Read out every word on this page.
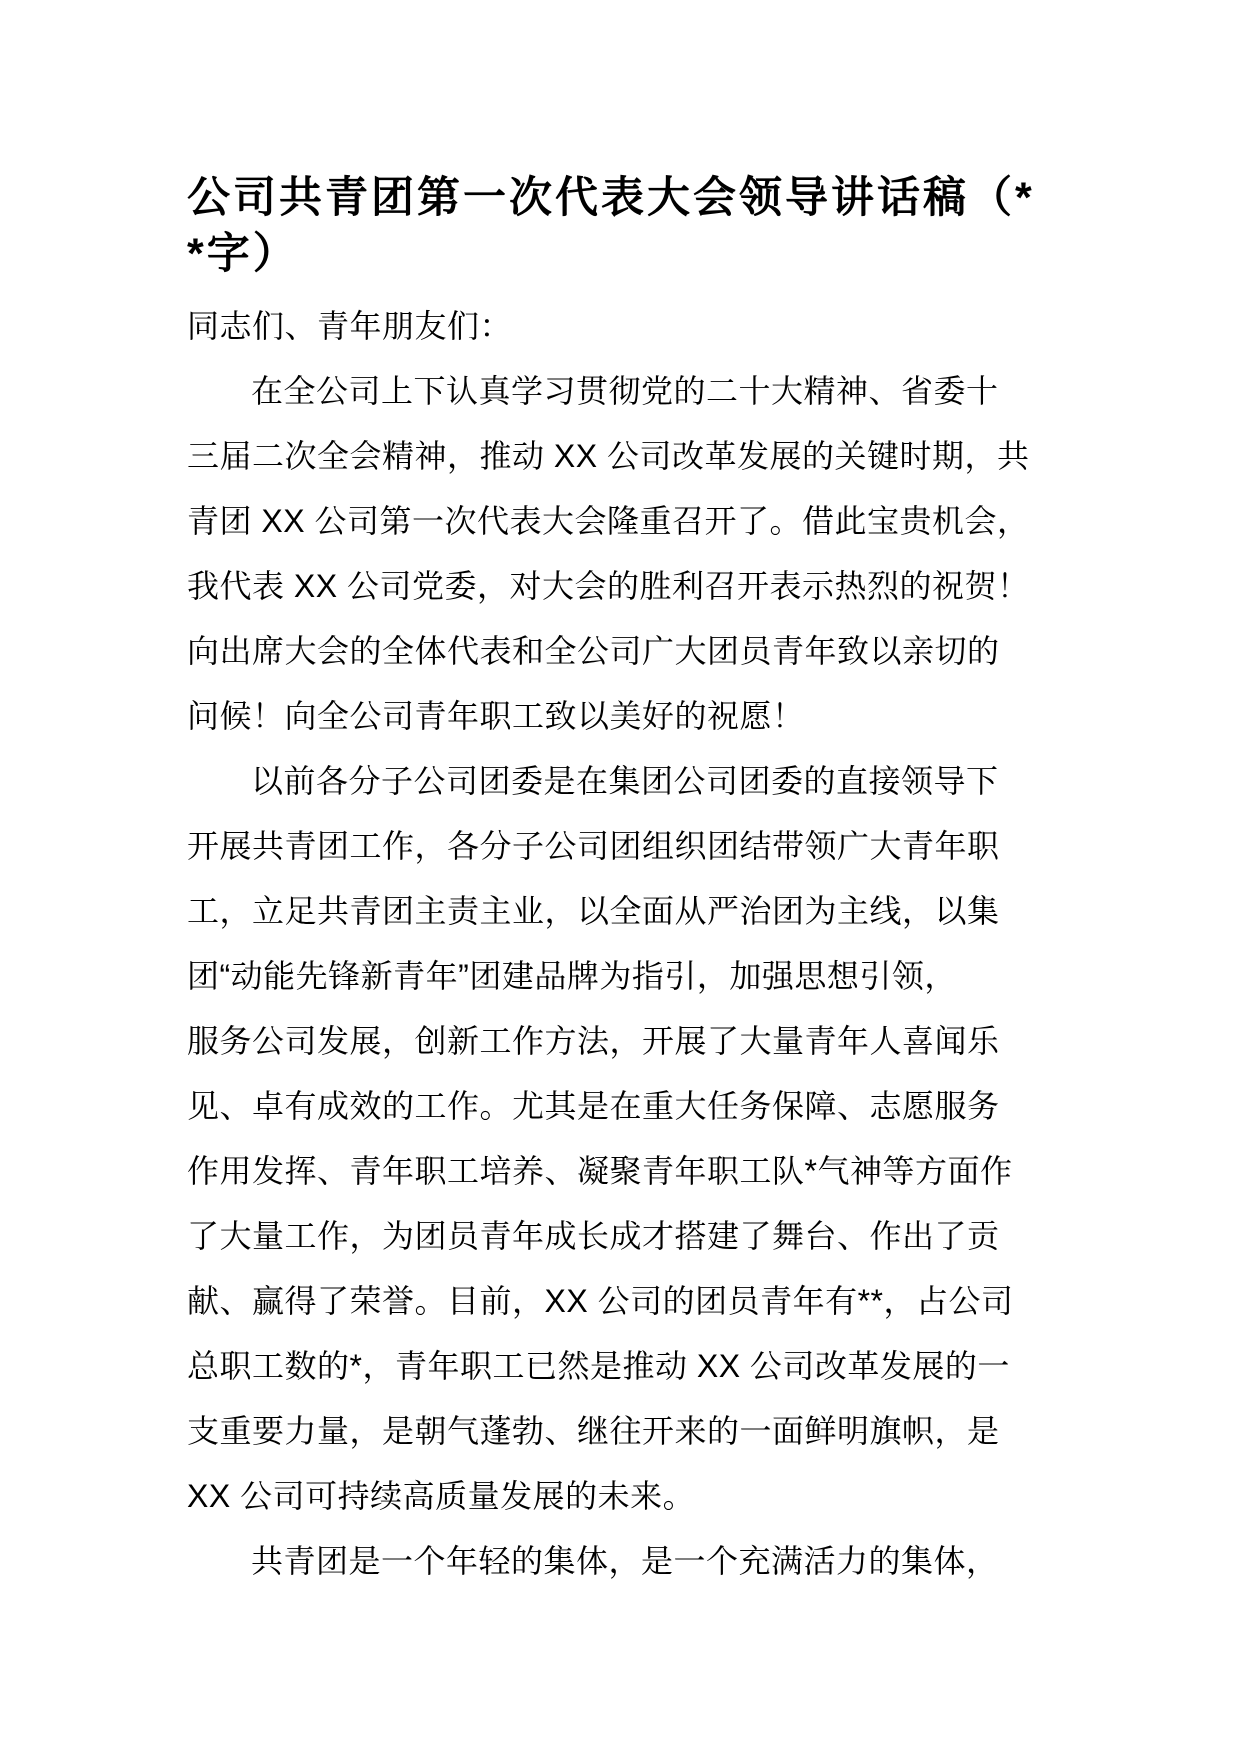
公司共青团第一次代表大会领导讲话稿（*
*字）

同志们、青年朋友们：

在全公司上下认真学习贯彻党的二十大精神、省委十
三届二次全会精神，推动 XX 公司改革发展的关键时期，共
青团 XX 公司第一次代表大会隆重召开了。借此宝贵机会，
我代表 XX 公司党委，对大会的胜利召开表示热烈的祝贺！
向出席大会的全体代表和全公司广大团员青年致以亲切的
问候！向全公司青年职工致以美好的祝愿！

以前各分子公司团委是在集团公司团委的直接领导下
开展共青团工作，各分子公司团组织团结带领广大青年职
工，立足共青团主责主业，以全面从严治团为主线，以集
团“动能先锋新青年”团建品牌为指引，加强思想引领，
服务公司发展，创新工作方法，开展了大量青年人喜闻乐
见、卓有成效的工作。尤其是在重大任务保障、志愿服务
作用发挥、青年职工培养、凝聚青年职工队*气神等方面作
了大量工作，为团员青年成长成才搭建了舞台、作出了贡
献、赢得了荣誉。目前，XX 公司的团员青年有**，占公司
总职工数的*，青年职工已然是推动 XX 公司改革发展的一
支重要力量，是朝气蓬勃、继往开来的一面鲜明旗帜，是
XX 公司可持续高质量发展的未来。

共青团是一个年轻的集体，是一个充满活力的集体，
